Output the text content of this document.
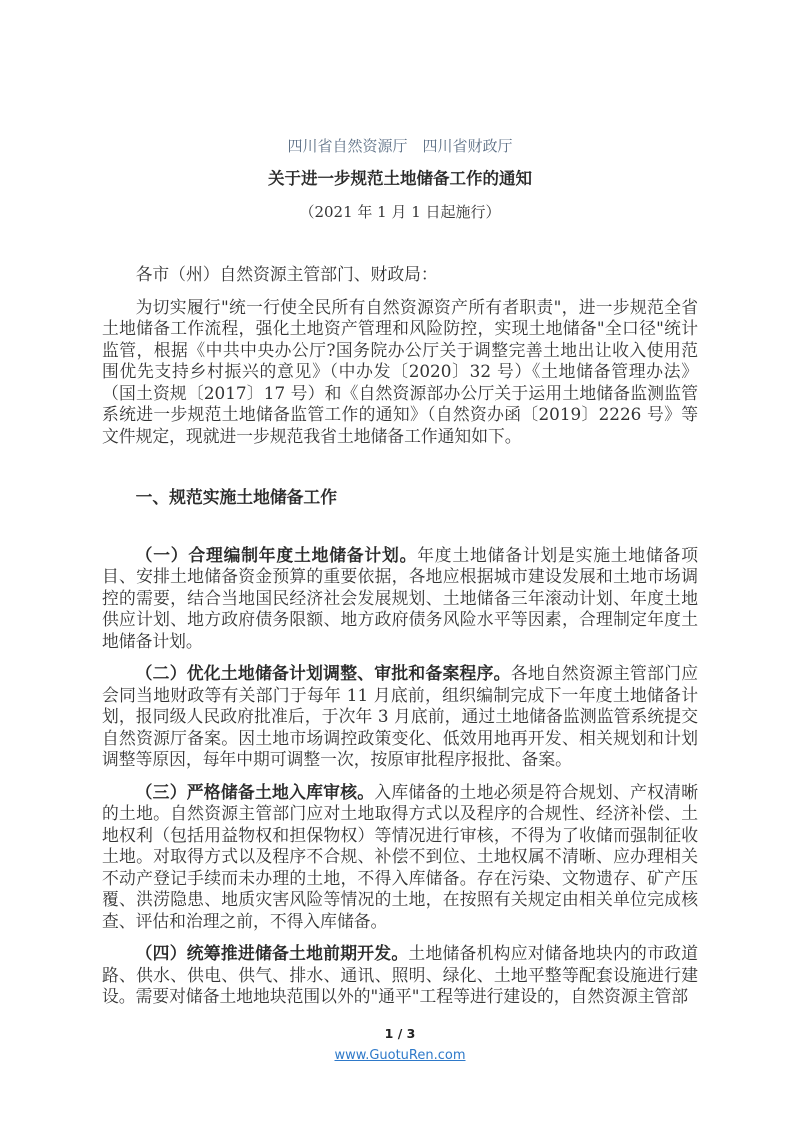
四川省自然资源厅　四川省财政厅

关于进一步规范土地储备工作的通知

（2021 年 1 月 1 日起施行）

各市（州）自然资源主管部门、财政局：

为切实履行"统一行使全民所有自然资源资产所有者职责"，进一步规范全省土地储备工作流程，强化土地资产管理和风险防控，实现土地储备"全口径"统计监管，根据《中共中央办公厅?国务院办公厅关于调整完善土地出让收入使用范围优先支持乡村振兴的意见》（中办发〔2020〕32 号）《土地储备管理办法》（国土资规〔2017〕17 号）和《自然资源部办公厅关于运用土地储备监测监管系统进一步规范土地储备监管工作的通知》（自然资办函〔2019〕2226 号》等文件规定，现就进一步规范我省土地储备工作通知如下。

一、规范实施土地储备工作

（一）合理编制年度土地储备计划。年度土地储备计划是实施土地储备项目、安排土地储备资金预算的重要依据，各地应根据城市建设发展和土地市场调控的需要，结合当地国民经济社会发展规划、土地储备三年滚动计划、年度土地供应计划、地方政府债务限额、地方政府债务风险水平等因素，合理制定年度土地储备计划。

（二）优化土地储备计划调整、审批和备案程序。各地自然资源主管部门应会同当地财政等有关部门于每年 11 月底前，组织编制完成下一年度土地储备计划，报同级人民政府批准后，于次年 3 月底前，通过土地储备监测监管系统提交自然资源厅备案。因土地市场调控政策变化、低效用地再开发、相关规划和计划调整等原因，每年中期可调整一次，按原审批程序报批、备案。

（三）严格储备土地入库审核。入库储备的土地必须是符合规划、产权清晰的土地。自然资源主管部门应对土地取得方式以及程序的合规性、经济补偿、土地权利（包括用益物权和担保物权）等情况进行审核，不得为了收储而强制征收土地。对取得方式以及程序不合规、补偿不到位、土地权属不清晰、应办理相关不动产登记手续而未办理的土地，不得入库储备。存在污染、文物遗存、矿产压覆、洪涝隐患、地质灾害风险等情况的土地，在按照有关规定由相关单位完成核查、评估和治理之前，不得入库储备。

（四）统筹推进储备土地前期开发。土地储备机构应对储备地块内的市政道路、供水、供电、供气、排水、通讯、照明、绿化、土地平整等配套设施进行建设。需要对储备土地地块范围以外的"通平"工程等进行建设的，自然资源主管部

1 / 3

www.GuotuRen.com
